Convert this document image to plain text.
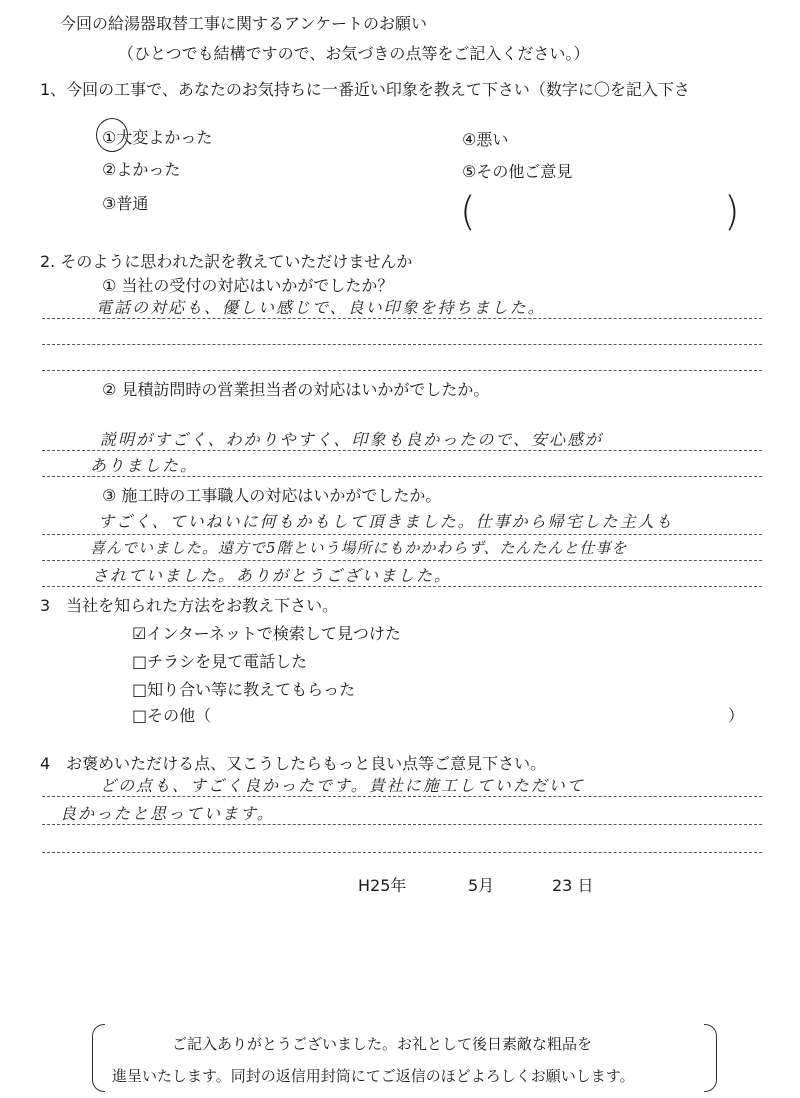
今回の給湯器取替工事に関するアンケートのお願い
（ひとつでも結構ですので、お気づきの点等をご記入ください。）
1、今回の工事で、あなたのお気持ちに一番近い印象を教えて下さい（数字に〇を記入下さ
①大変よかった
②よかった
③普通
④悪い
⑤その他ご意見
(	)
2. そのように思われた訳を教えていただけませんか
① 当社の受付の対応はいかがでしたか？
電話の対応も、優しい感じで、良い印象を持ちました。
② 見積訪問時の営業担当者の対応はいかがでしたか。
説明がすごく、わかりやすく、印象も良かったので、安心感が
ありました。
③ 施工時の工事職人の対応はいかがでしたか。
すごく、ていねいに何もかもして頂きました。仕事から帰宅した主人も
喜んでいました。遠方で5階という場所にもかかわらず、たんたんと仕事を
されていました。ありがとうございました。
3　当社を知られた方法をお教え下さい。
☑インターネットで検索して見つけた
□チラシを見て電話した
□知り合い等に教えてもらった
□その他（	）
4　お褒めいただける点、又こうしたらもっと良い点等ご意見下さい。
どの点も、すごく良かったです。貴社に施工していただいて
良かったと思っています。
H25年	5月	23 日
ご記入ありがとうございました。お礼として後日素敵な粗品を
進呈いたします。同封の返信用封筒にてご返信のほどよろしくお願いします。
